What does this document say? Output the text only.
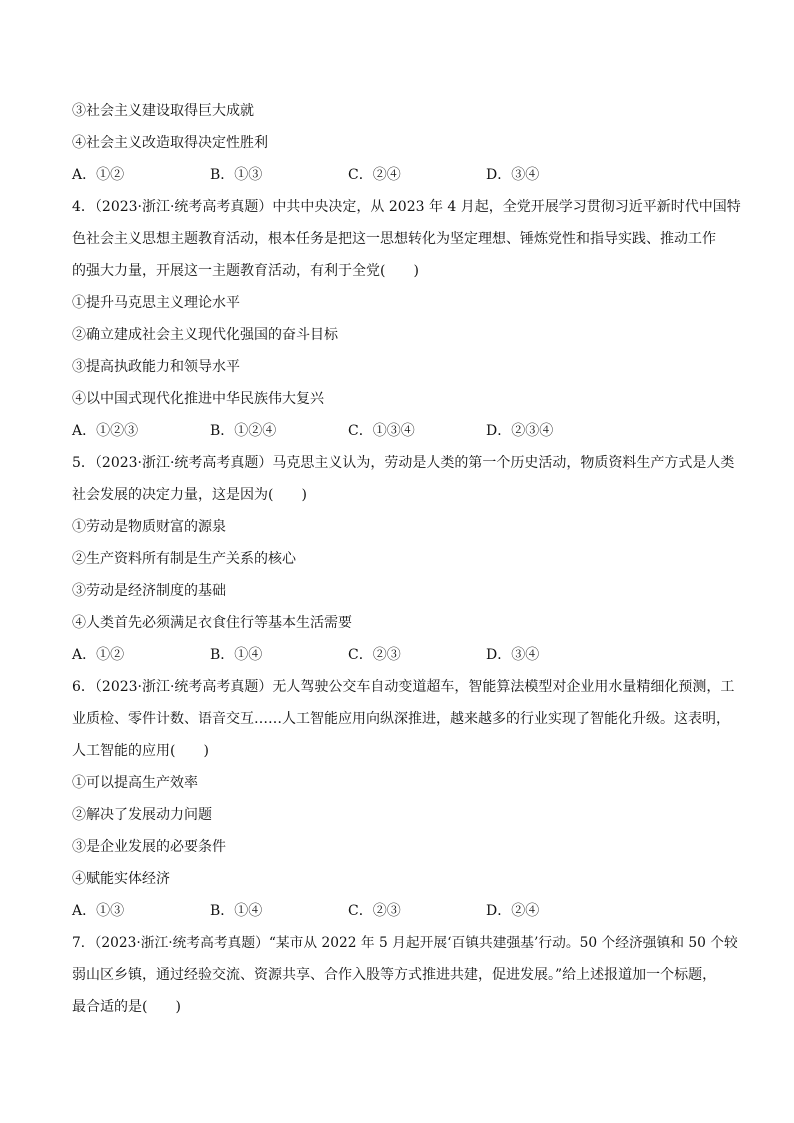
③社会主义建设取得巨大成就
④社会主义改造取得决定性胜利
A．①②	B．①③	C．②④	D．③④
4．（2023·浙江·统考高考真题）中共中央决定，从 2023 年 4 月起，全党开展学习贯彻习近平新时代中国特
色社会主义思想主题教育活动，根本任务是把这一思想转化为坚定理想、锤炼党性和指导实践、推动工作
的强大力量，开展这一主题教育活动，有利于全党(　　)
①提升马克思主义理论水平
②确立建成社会主义现代化强国的奋斗目标
③提高执政能力和领导水平
④以中国式现代化推进中华民族伟大复兴
A．①②③	B．①②④	C．①③④	D．②③④
5．（2023·浙江·统考高考真题）马克思主义认为，劳动是人类的第一个历史活动，物质资料生产方式是人类
社会发展的决定力量，这是因为(　　)
①劳动是物质财富的源泉
②生产资料所有制是生产关系的核心
③劳动是经济制度的基础
④人类首先必须满足衣食住行等基本生活需要
A．①②	B．①④	C．②③	D．③④
6．（2023·浙江·统考高考真题）无人驾驶公交车自动变道超车，智能算法模型对企业用水量精细化预测，工
业质检、零件计数、语音交互……人工智能应用向纵深推进，越来越多的行业实现了智能化升级。这表明，
人工智能的应用(　　)
①可以提高生产效率
②解决了发展动力问题
③是企业发展的必要条件
④赋能实体经济
A．①③	B．①④	C．②③	D．②④
7．（2023·浙江·统考高考真题）“某市从 2022 年 5 月起开展‘百镇共建强基’行动。50 个经济强镇和 50 个较
弱山区乡镇，通过经验交流、资源共享、合作入股等方式推进共建，促进发展。”给上述报道加一个标题，
最合适的是(　　)
